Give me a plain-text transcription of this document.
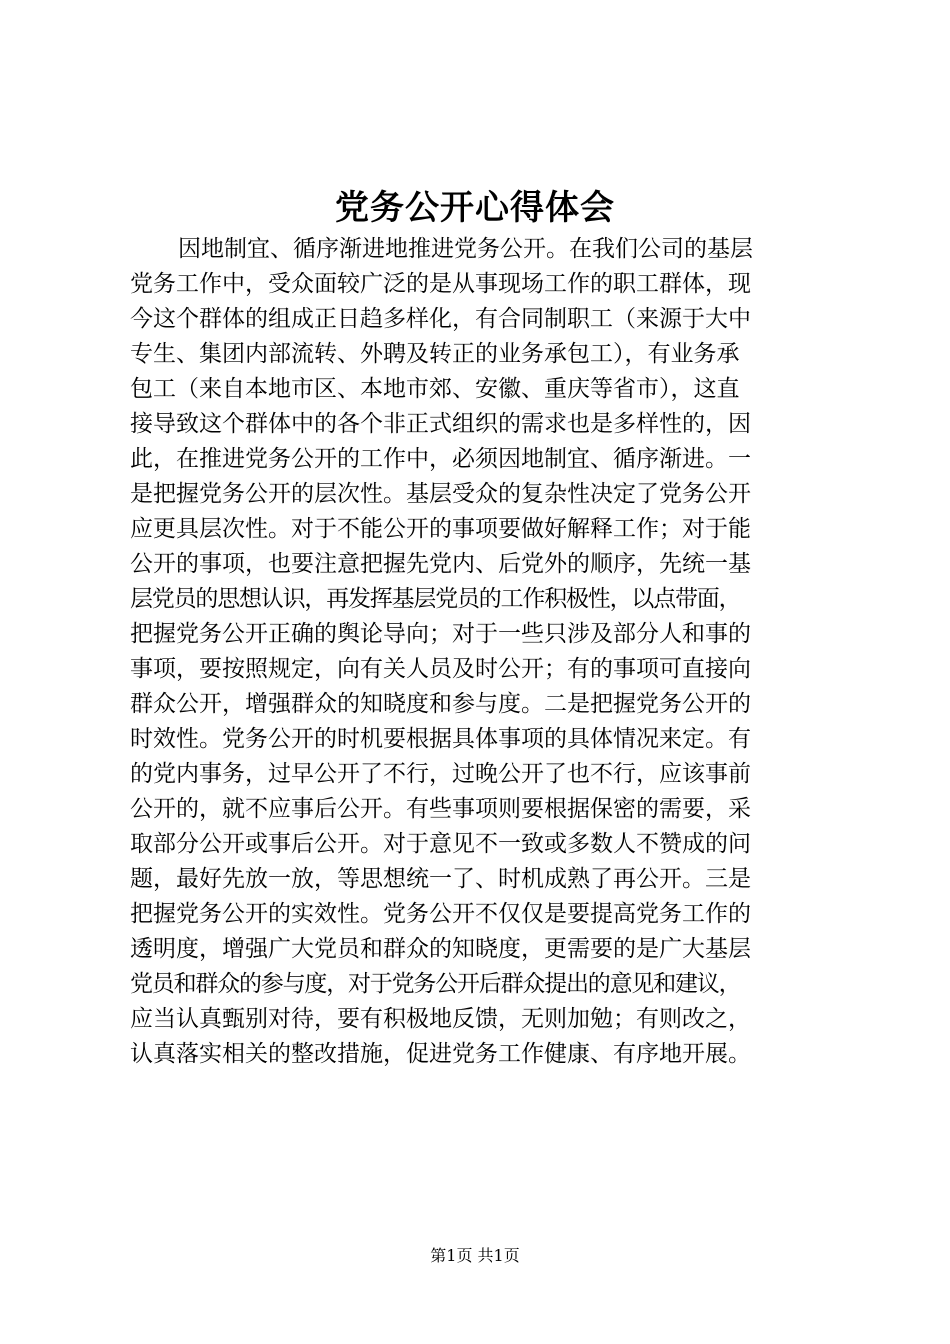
党务公开心得体会
因地制宜、循序渐进地推进党务公开。在我们公司的基层
党务工作中，受众面较广泛的是从事现场工作的职工群体，现
今这个群体的组成正日趋多样化，有合同制职工（来源于大中
专生、集团内部流转、外聘及转正的业务承包工），有业务承
包工（来自本地市区、本地市郊、安徽、重庆等省市），这直
接导致这个群体中的各个非正式组织的需求也是多样性的，因
此，在推进党务公开的工作中，必须因地制宜、循序渐进。一
是把握党务公开的层次性。基层受众的复杂性决定了党务公开
应更具层次性。对于不能公开的事项要做好解释工作；对于能
公开的事项，也要注意把握先党内、后党外的顺序，先统一基
层党员的思想认识，再发挥基层党员的工作积极性，以点带面，
把握党务公开正确的舆论导向；对于一些只涉及部分人和事的
事项，要按照规定，向有关人员及时公开；有的事项可直接向
群众公开，增强群众的知晓度和参与度。二是把握党务公开的
时效性。党务公开的时机要根据具体事项的具体情况来定。有
的党内事务，过早公开了不行，过晚公开了也不行，应该事前
公开的，就不应事后公开。有些事项则要根据保密的需要，采
取部分公开或事后公开。对于意见不一致或多数人不赞成的问
题，最好先放一放，等思想统一了、时机成熟了再公开。三是
把握党务公开的实效性。党务公开不仅仅是要提高党务工作的
透明度，增强广大党员和群众的知晓度，更需要的是广大基层
党员和群众的参与度，对于党务公开后群众提出的意见和建议，
应当认真甄别对待，要有积极地反馈，无则加勉；有则改之，
认真落实相关的整改措施，促进党务工作健康、有序地开展。
第1页 共1页
